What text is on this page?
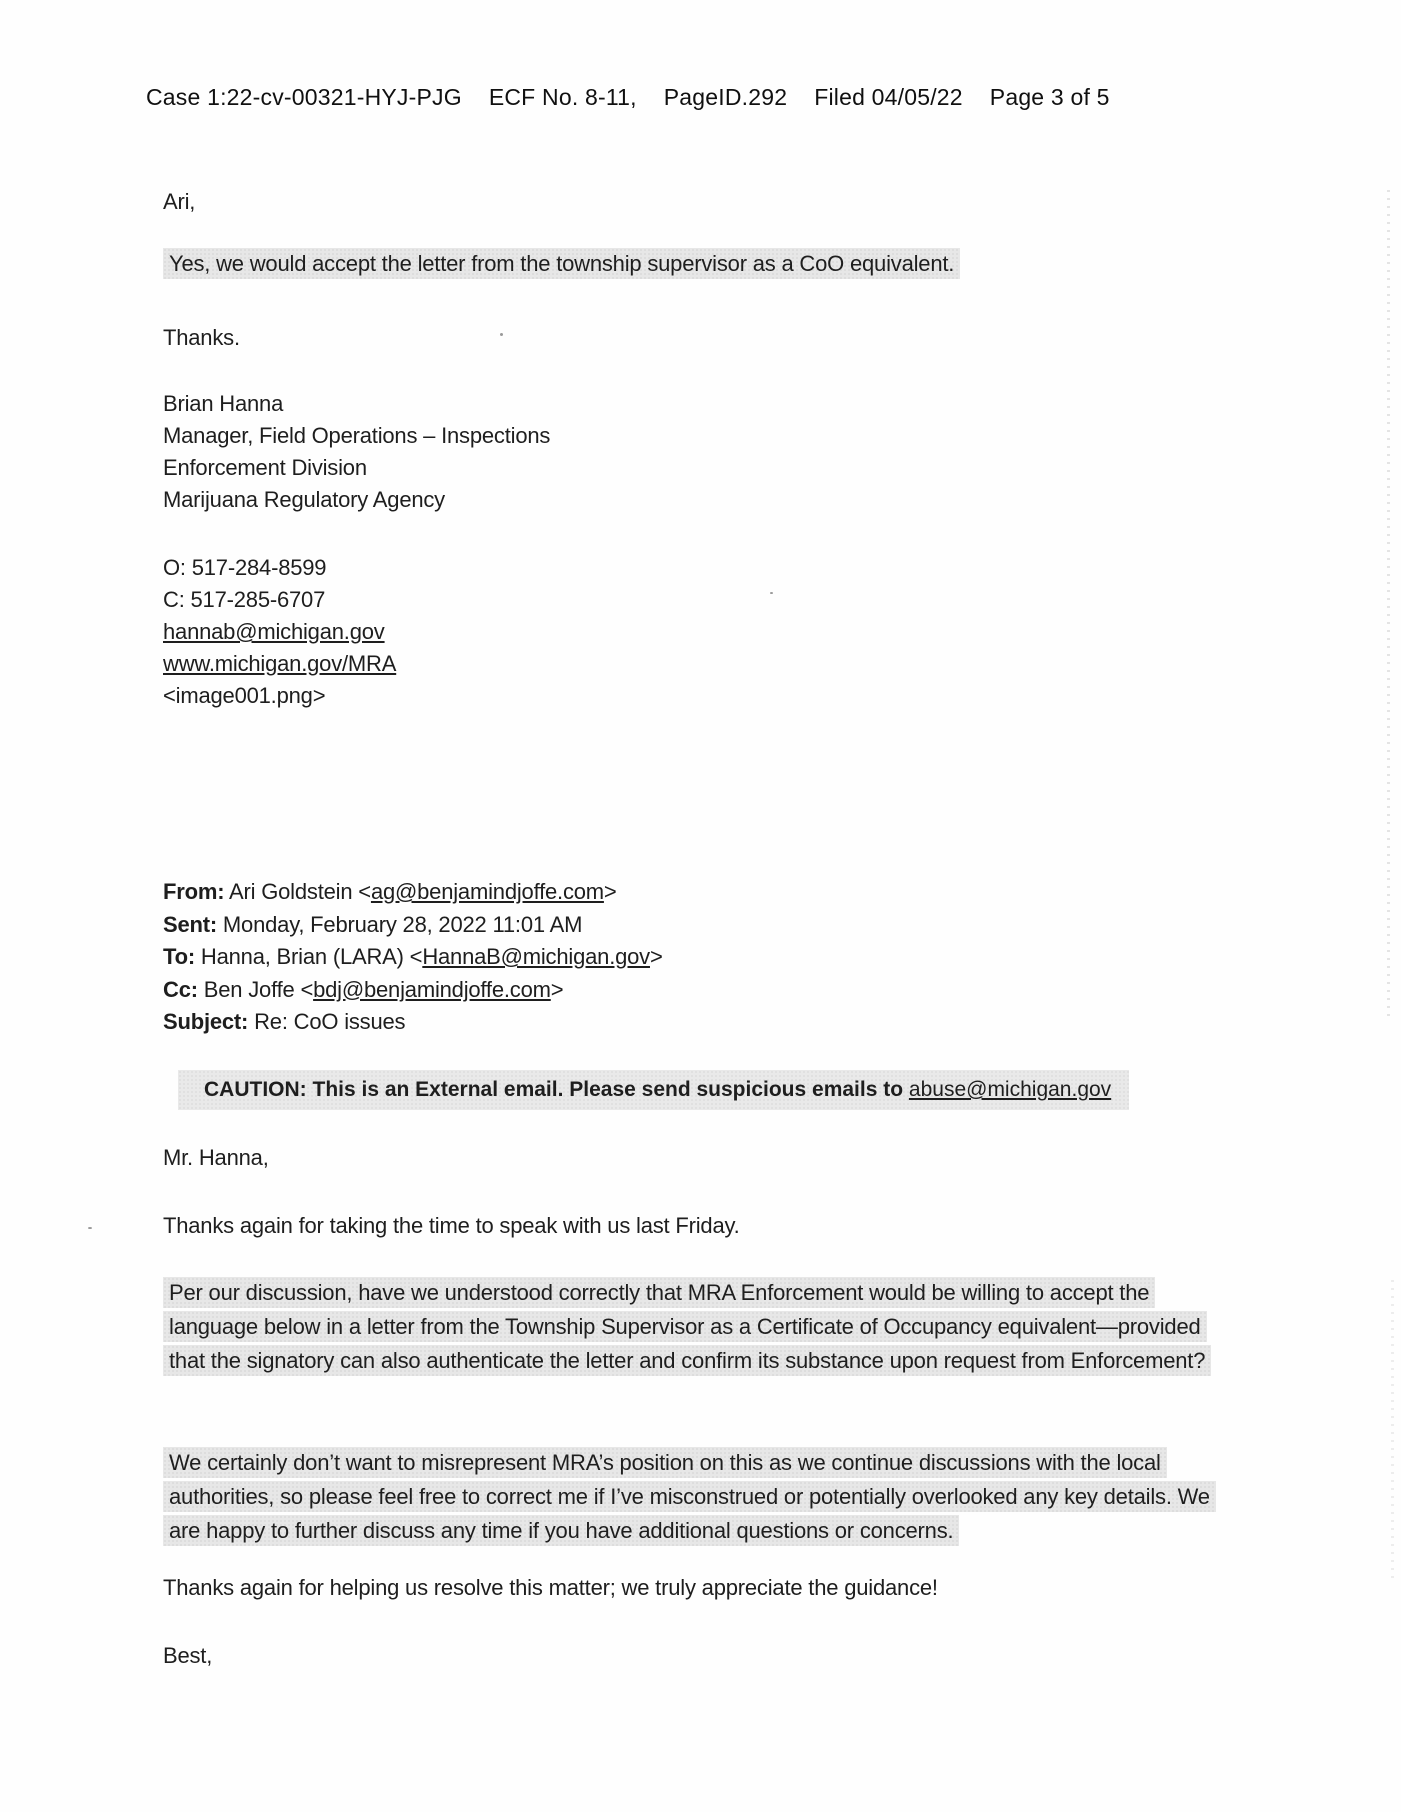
Case 1:22-cv-00321-HYJ-PJG ECF No. 8-11, PageID.292 Filed 04/05/22 Page 3 of 5

Ari,

Yes, we would accept the letter from the township supervisor as a CoO equivalent.

Thanks.

Brian Hanna

Manager, Field Operations – Inspections

Enforcement Division

Marijuana Regulatory Agency

O: 517-284-8599

C: 517-285-6707

hannab@michigan.gov

www.michigan.gov/MRA

<image001.png>

From: Ari Goldstein <ag@benjamindjoffe.com>

Sent: Monday, February 28, 2022 11:01 AM

To: Hanna, Brian (LARA) <HannaB@michigan.gov>

Cc: Ben Joffe <bdj@benjamindjoffe.com>

Subject: Re: CoO issues

CAUTION: This is an External email. Please send suspicious emails to abuse@michigan.gov

Mr. Hanna,

Thanks again for taking the time to speak with us last Friday.

Per our discussion, have we understood correctly that MRA Enforcement would be willing to accept the language below in a letter from the Township Supervisor as a Certificate of Occupancy equivalent—provided that the signatory can also authenticate the letter and confirm its substance upon request from Enforcement?

We certainly don’t want to misrepresent MRA’s position on this as we continue discussions with the local authorities, so please feel free to correct me if I’ve misconstrued or potentially overlooked any key details. We are happy to further discuss any time if you have additional questions or concerns.

Thanks again for helping us resolve this matter; we truly appreciate the guidance!

Best,
